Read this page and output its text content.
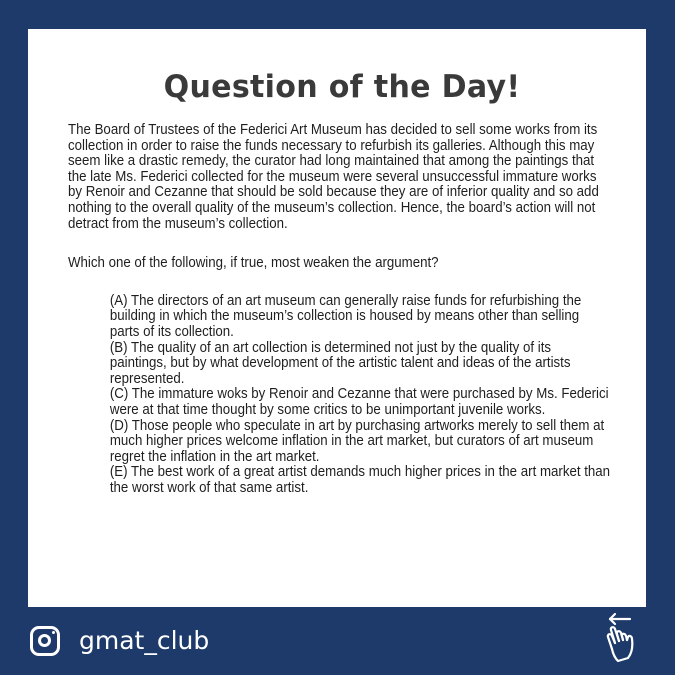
Question of the Day!

The Board of Trustees of the Federici Art Museum has decided to sell some works from its collection in order to raise the funds necessary to refurbish its galleries. Although this may seem like a drastic remedy, the curator had long maintained that among the paintings that the late Ms. Federici collected for the museum were several unsuccessful immature works by Renoir and Cezanne that should be sold because they are of inferior quality and so add nothing to the overall quality of the museum’s collection. Hence, the board’s action will not detract from the museum’s collection.

Which one of the following, if true, most weaken the argument?

(A) The directors of an art museum can generally raise funds for refurbishing the building in which the museum’s collection is housed by means other than selling parts of its collection.

(B) The quality of an art collection is determined not just by the quality of its paintings, but by what development of the artistic talent and ideas of the artists represented.

(C) The immature woks by Renoir and Cezanne that were purchased by Ms. Federici were at that time thought by some critics to be unimportant juvenile works.

(D) Those people who speculate in art by purchasing artworks merely to sell them at much higher prices welcome inflation in the art market, but curators of art museum regret the inflation in the art market.

(E) The best work of a great artist demands much higher prices in the art market than the worst work of that same artist.

gmat_club
